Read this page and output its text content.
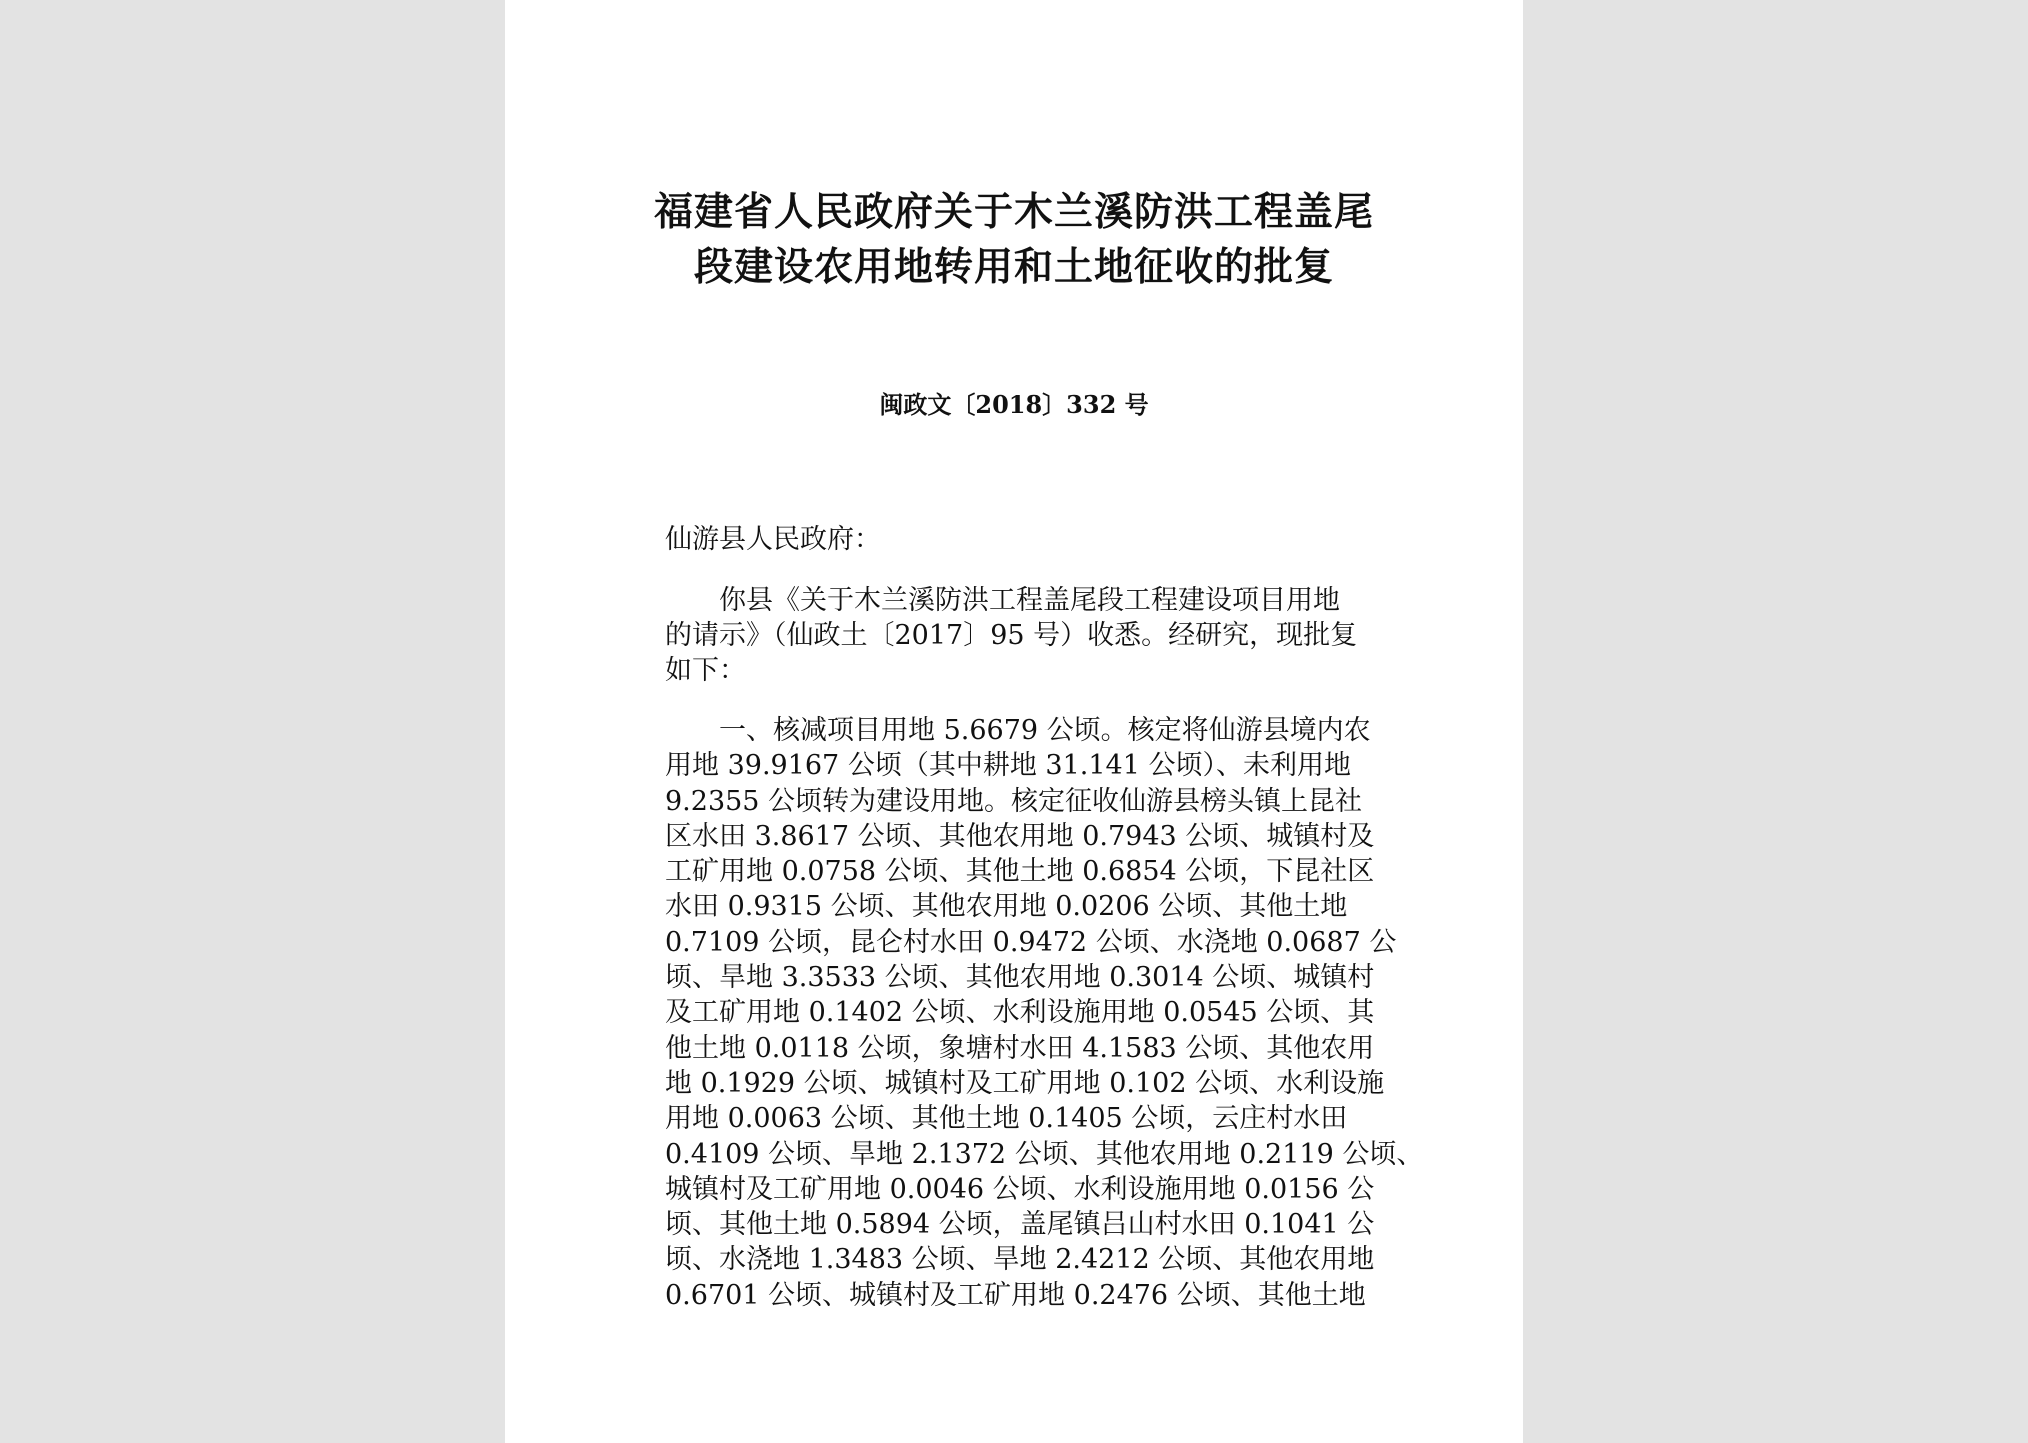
福建省人民政府关于木兰溪防洪工程盖尾
段建设农用地转用和土地征收的批复
闽政文〔2018〕332 号
仙游县人民政府：
　　你县《关于木兰溪防洪工程盖尾段工程建设项目用地
的请示》（仙政土〔2017〕95 号）收悉。经研究，现批复
如下：
　　一、核减项目用地 5.6679 公顷。核定将仙游县境内农
用地 39.9167 公顷（其中耕地 31.141 公顷）、未利用地
9.2355 公顷转为建设用地。核定征收仙游县榜头镇上昆社
区水田 3.8617 公顷、其他农用地 0.7943 公顷、城镇村及
工矿用地 0.0758 公顷、其他土地 0.6854 公顷，下昆社区
水田 0.9315 公顷、其他农用地 0.0206 公顷、其他土地
0.7109 公顷，昆仑村水田 0.9472 公顷、水浇地 0.0687 公
顷、旱地 3.3533 公顷、其他农用地 0.3014 公顷、城镇村
及工矿用地 0.1402 公顷、水利设施用地 0.0545 公顷、其
他土地 0.0118 公顷，象塘村水田 4.1583 公顷、其他农用
地 0.1929 公顷、城镇村及工矿用地 0.102 公顷、水利设施
用地 0.0063 公顷、其他土地 0.1405 公顷，云庄村水田
0.4109 公顷、旱地 2.1372 公顷、其他农用地 0.2119 公顷、
城镇村及工矿用地 0.0046 公顷、水利设施用地 0.0156 公
顷、其他土地 0.5894 公顷，盖尾镇吕山村水田 0.1041 公
顷、水浇地 1.3483 公顷、旱地 2.4212 公顷、其他农用地
0.6701 公顷、城镇村及工矿用地 0.2476 公顷、其他土地
